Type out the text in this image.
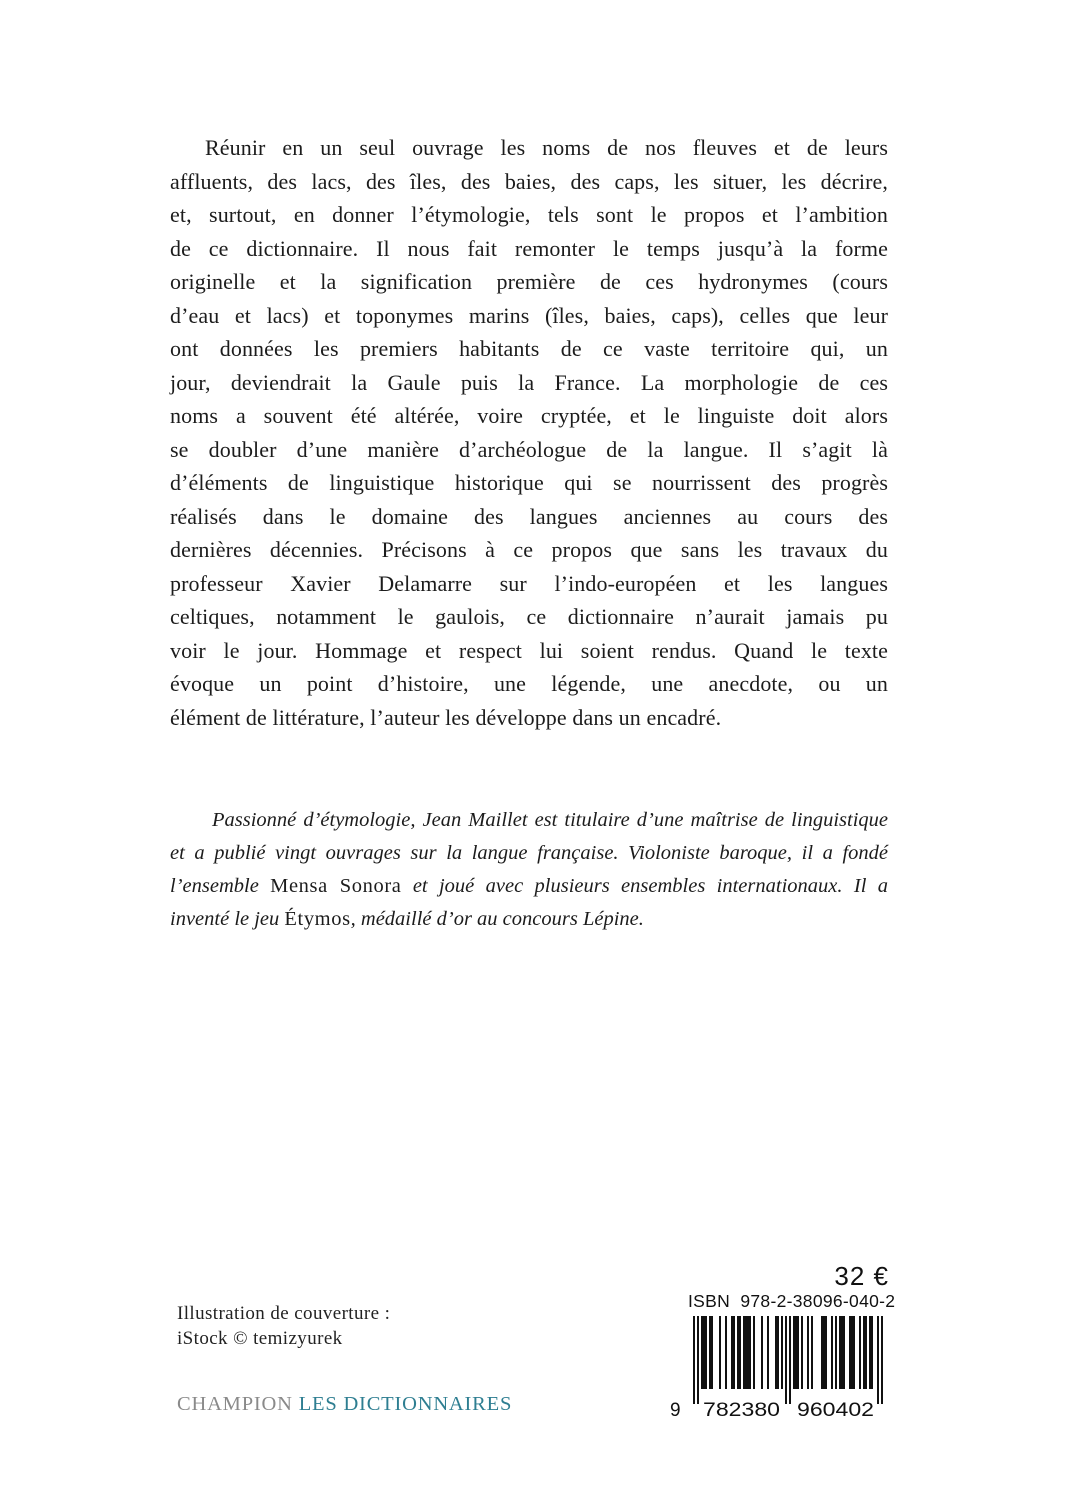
Réunir en un seul ouvrage les noms de nos fleuves et de leurs
affluents, des lacs, des îles, des baies, des caps, les situer, les décrire,
et, surtout, en donner l’étymologie, tels sont le propos et l’ambition
de ce dictionnaire. Il nous fait remonter le temps jusqu’à la forme
originelle et la signification première de ces hydronymes (cours
d’eau et lacs) et toponymes marins (îles, baies, caps), celles que leur
ont données les premiers habitants de ce vaste territoire qui, un
jour, deviendrait la Gaule puis la France. La morphologie de ces
noms a souvent été altérée, voire cryptée, et le linguiste doit alors
se doubler d’une manière d’archéologue de la langue. Il s’agit là
d’éléments de linguistique historique qui se nourrissent des progrès
réalisés dans le domaine des langues anciennes au cours des
dernières décennies. Précisons à ce propos que sans les travaux du
professeur Xavier Delamarre sur l’indo-européen et les langues
celtiques, notamment le gaulois, ce dictionnaire n’aurait jamais pu
voir le jour. Hommage et respect lui soient rendus. Quand le texte
évoque un point d’histoire, une légende, une anecdote, ou un
élément de littérature, l’auteur les développe dans un encadré.
Passionné d’étymologie, Jean Maillet est titulaire d’une maîtrise de linguistique
et a publié vingt ouvrages sur la langue française. Violoniste baroque, il a fondé
l’ensemble Mensa Sonora et joué avec plusieurs ensembles internationaux. Il a
inventé le jeu Étymos, médaillé d’or au concours Lépine.
32 €
ISBN  978-2-38096-040-2
9 782380 960402
Illustration de couverture :
iStock © temizyurek
CHAMPION LES DICTIONNAIRES
